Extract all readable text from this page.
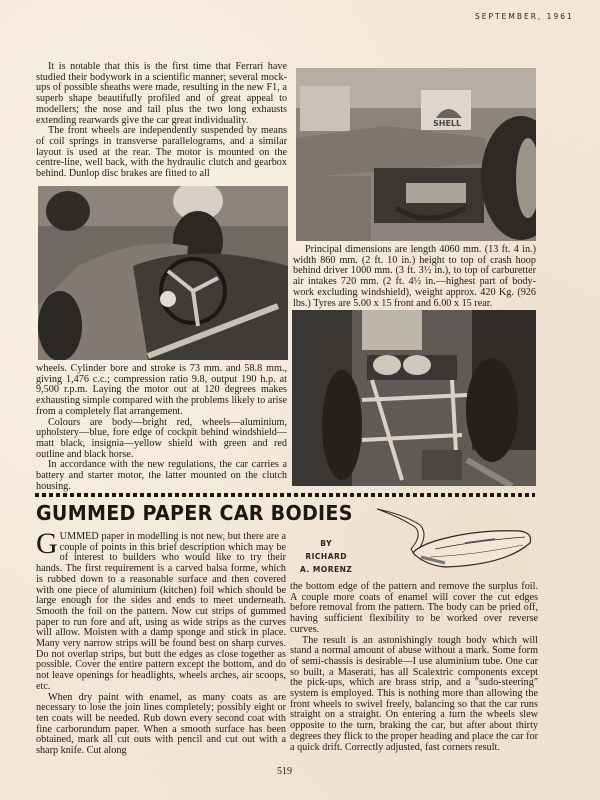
SEPTEMBER, 1961

It is notable that this is the first time that Ferrari have studied their bodywork in a scientific manner; several mock-ups of possible sheaths were made, resulting in the new F1, a superb shape beautifully profiled and of great appeal to modellers; the nose and tail plus the two long exhausts extending rearwards give the car great individuality.

The front wheels are independently suspended by means of coil springs in transverse parallelograms, and a similar layout is used at the rear. The motor is mounted on the centre-line, well back, with the hydraulic clutch and gearbox behind. Dunlop disc brakes are fitted to all

SHELL

Principal dimensions are length 4060 mm. (13 ft. 4 in.) width 860 mm. (2 ft. 10 in.) height to top of crash hoop behind driver 1000 mm. (3 ft. 3½ in.), to top of carburetter air intakes 720 mm. (2 ft. 4½ in.—highest part of body-work excluding windshield), weight approx. 420 Kg. (926 lbs.) Tyres are 5.00 x 15 front and 6.00 x 15 rear.

wheels. Cylinder bore and stroke is 73 mm. and 58.8 mm., giving 1,476 c.c.; compression ratio 9.8, output 190 h.p. at 9,500 r.p.m. Laying the motor out at 120 degrees makes exhausting simple compared with the problems likely to arise from a completely flat arrangement.

Colours are body—bright red, wheels—aluminium, upholstery—blue, fore edge of cockpit behind windshield—matt black, insignia—yellow shield with green and red outline and black horse.

In accordance with the new regulations, the car carries a battery and starter motor, the latter mounted on the clutch housing.

GUMMED PAPER CAR BODIES
BY
RICHARD
A. MORENZ

GUMMED paper in modelling is not new, but there are a couple of points in this brief description which may be of interest to builders who would like to try their hands. The first requirement is a carved balsa forme, which is rubbed down to a reasonable surface and then covered with one piece of aluminium (kitchen) foil which should be large enough for the sides and ends to meet underneath. Smooth the foil on the pattern. Now cut strips of gummed paper to run fore and aft, using as wide strips as the curves will allow. Moisten with a damp sponge and stick in place. Many very narrow strips will be found best on sharp curves. Do not overlap strips, but butt the edges as close together as possible. Cover the entire pattern except the bottom, and do not leave openings for headlights, wheels arches, air scoops, etc.

When dry paint with enamel, as many coats as are necessary to lose the join lines completely; possibly eight or ten coats will be needed. Rub down every second coat with fine carborundum paper. When a smooth surface has been obtained, mark all cut outs with pencil and cut out with a sharp knife. Cut along

the bottom edge of the pattern and remove the surplus foil. A couple more coats of enamel will cover the cut edges before removal from the pattern. The body can be pried off, having sufficient flexibility to be worked over reverse curves.

The result is an astonishingly tough body which will stand a normal amount of abuse without a mark. Some form of semi-chassis is desirable—I use aluminium tube. One car so built, a Maserati, has all Scalextric components except the pick-ups, which are brass strip, and a "sudo-steering" system is employed. This is nothing more than allowing the front wheels to swivel freely, balancing so that the car runs straight on a straight. On entering a turn the wheels slew opposite to the turn, braking the car, but after about thirty degrees they flick to the proper heading and place the car for a quick drift. Correctly adjusted, fast corners result.

519
